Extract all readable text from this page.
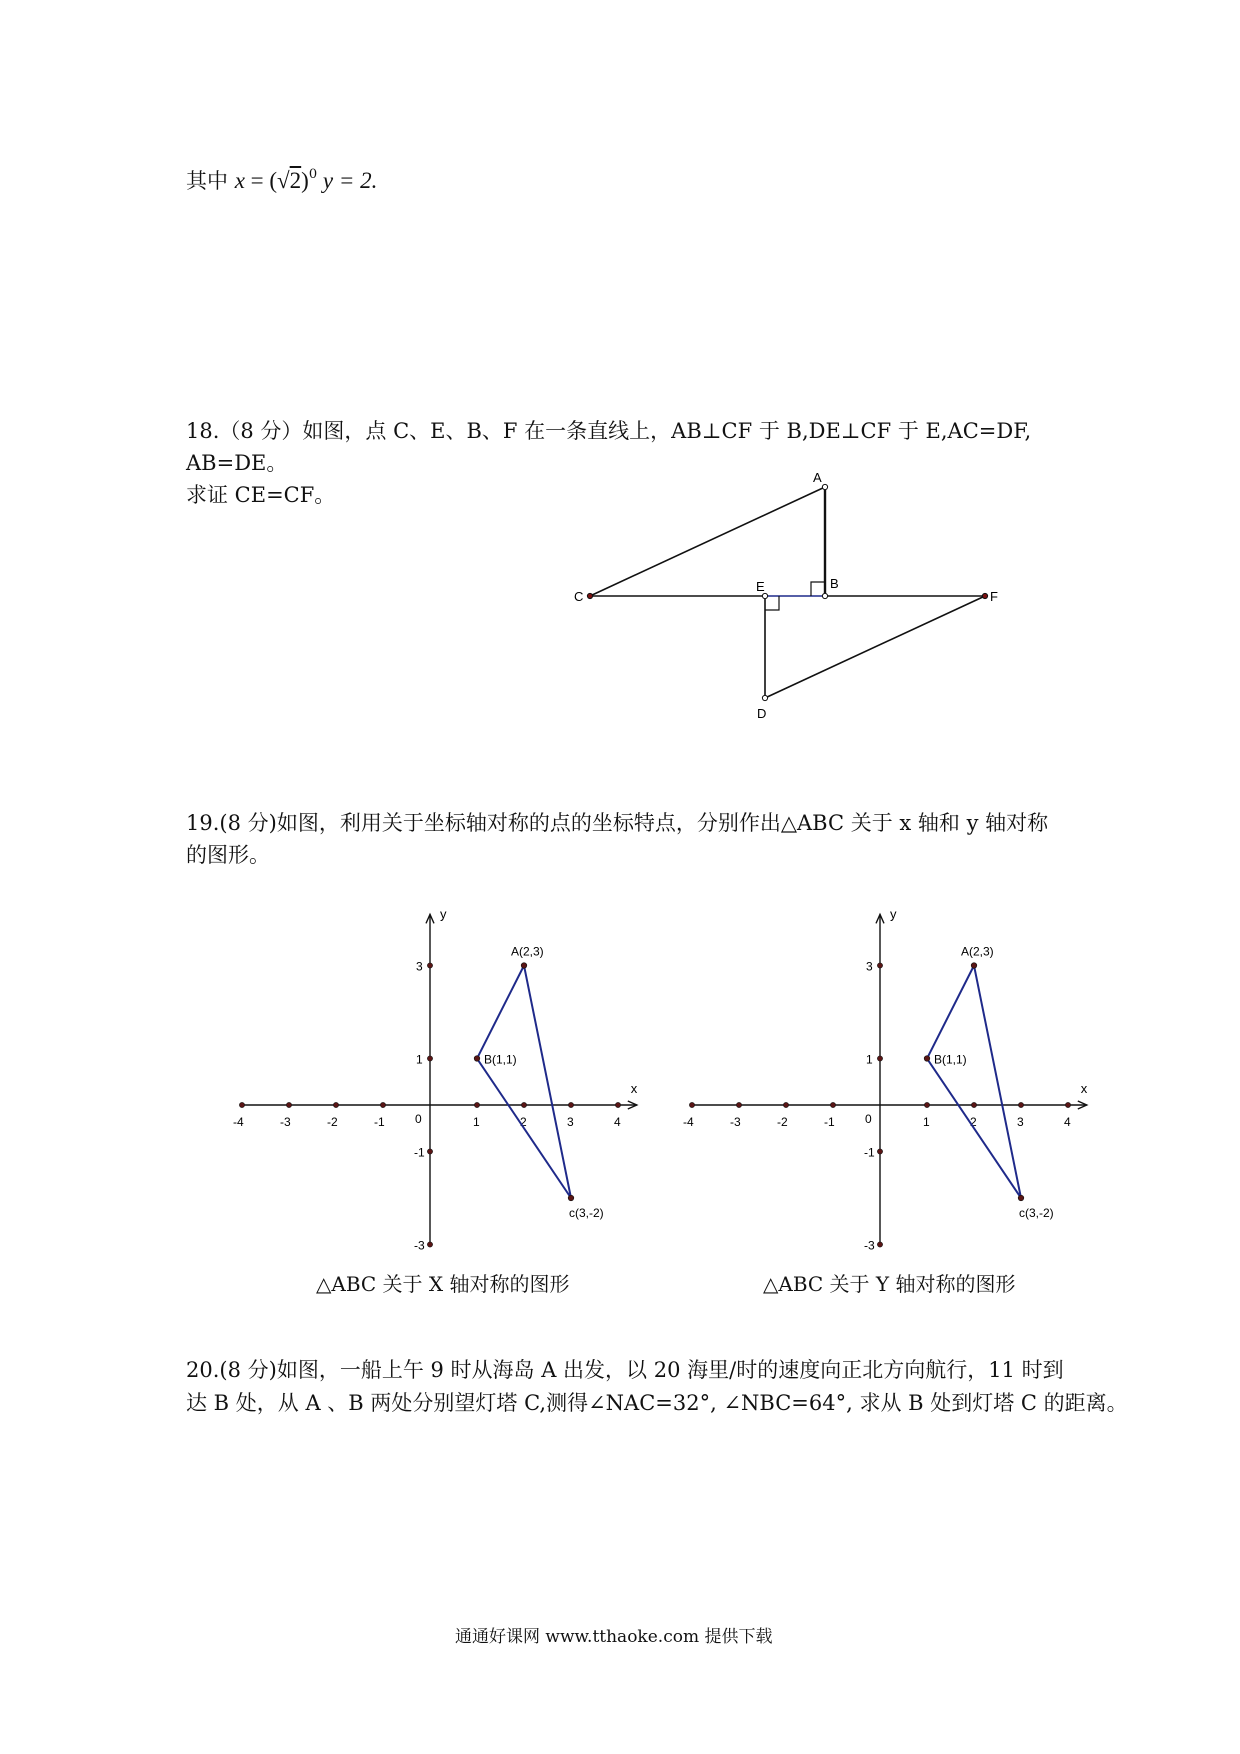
其中 $x = (√2)^0$ y = 2.
18.（8 分）如图，点 C、E、B、F 在一条直线上，AB⊥CF 于 B,DE⊥CF 于 E,AC=DF,
AB=DE。
求证 CE=CF。
A
B
C
E
F
D
19.(8 分)如图，利用关于坐标轴对称的点的坐标特点，分别作出△ABC 关于 x 轴和 y 轴对称
的图形。
x
y
0
-4	-3	-2	-1	1	2	3	4
3
1
-1
-3
A(2,3)
B(1,1)
c(3,-2)
x
y
0
-4	-3	-2	-1	1	2	3	4
3
1
-1
-3
A(2,3)
B(1,1)
c(3,-2)
△ABC 关于 X 轴对称的图形	△ABC 关于 Y 轴对称的图形
20.(8 分)如图，一船上午 9 时从海岛 A 出发，以 20 海里/时的速度向正北方向航行，11 时到
达 B 处，从 A 、B 两处分别望灯塔 C,测得∠NAC=32°, ∠NBC=64°, 求从 B 处到灯塔 C 的距离。
通通好课网 www.tthaoke.com 提供下载
